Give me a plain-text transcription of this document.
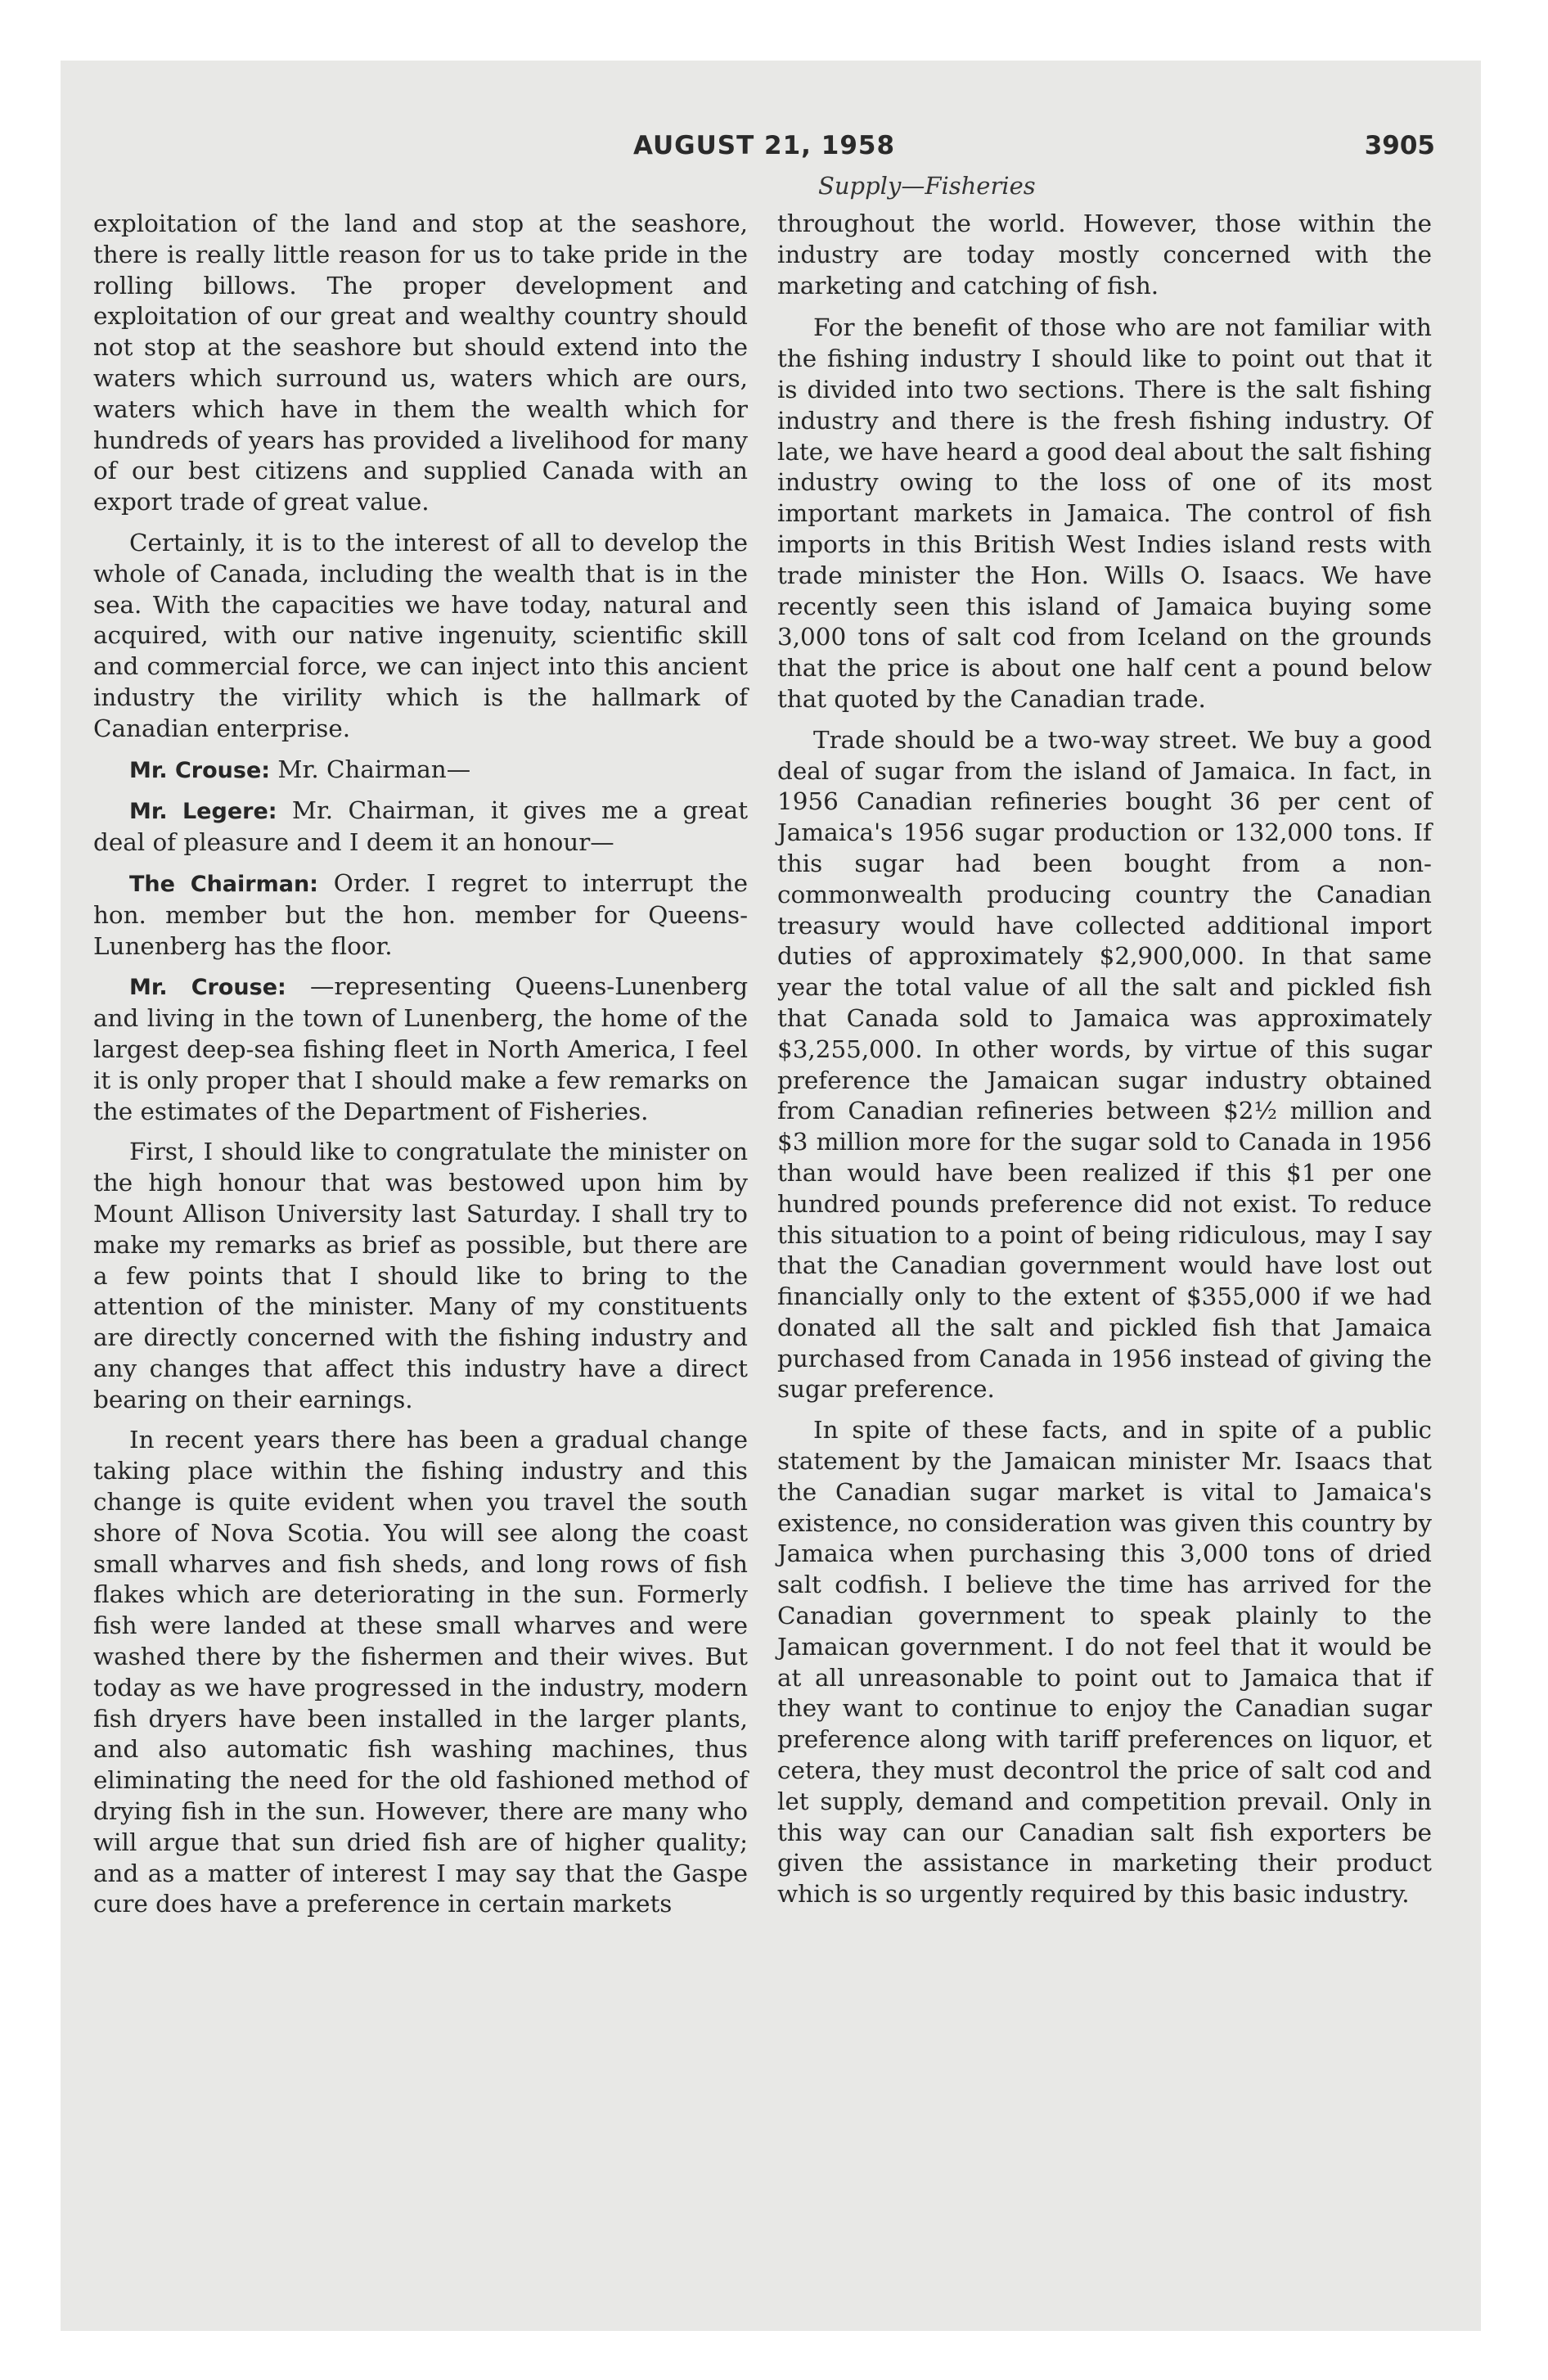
AUGUST 21, 1958	3905
Supply—Fisheries

exploitation of the land and stop at the seashore, there is really little reason for us to take pride in the rolling billows. The proper development and exploitation of our great and wealthy country should not stop at the seashore but should extend into the waters which surround us, waters which are ours, waters which have in them the wealth which for hundreds of years has provided a livelihood for many of our best citizens and supplied Canada with an export trade of great value.

Certainly, it is to the interest of all to develop the whole of Canada, including the wealth that is in the sea. With the capacities we have today, natural and acquired, with our native ingenuity, scientific skill and commercial force, we can inject into this ancient industry the virility which is the hallmark of Canadian enterprise.

Mr. Crouse: Mr. Chairman—

Mr. Legere: Mr. Chairman, it gives me a great deal of pleasure and I deem it an honour—

The Chairman: Order. I regret to interrupt the hon. member but the hon. member for Queens-Lunenberg has the floor.

Mr. Crouse: —representing Queens-Lunenberg and living in the town of Lunenberg, the home of the largest deep-sea fishing fleet in North America, I feel it is only proper that I should make a few remarks on the estimates of the Department of Fisheries.

First, I should like to congratulate the minister on the high honour that was bestowed upon him by Mount Allison University last Saturday. I shall try to make my remarks as brief as possible, but there are a few points that I should like to bring to the attention of the minister. Many of my constituents are directly concerned with the fishing industry and any changes that affect this industry have a direct bearing on their earnings.

In recent years there has been a gradual change taking place within the fishing industry and this change is quite evident when you travel the south shore of Nova Scotia. You will see along the coast small wharves and fish sheds, and long rows of fish flakes which are deteriorating in the sun. Formerly fish were landed at these small wharves and were washed there by the fishermen and their wives. But today as we have progressed in the industry, modern fish dryers have been installed in the larger plants, and also automatic fish washing machines, thus eliminating the need for the old fashioned method of drying fish in the sun. However, there are many who will argue that sun dried fish are of higher quality; and as a matter of interest I may say that the Gaspe cure does have a preference in certain markets

throughout the world. However, those within the industry are today mostly concerned with the marketing and catching of fish.

For the benefit of those who are not familiar with the fishing industry I should like to point out that it is divided into two sections. There is the salt fishing industry and there is the fresh fishing industry. Of late, we have heard a good deal about the salt fishing industry owing to the loss of one of its most important markets in Jamaica. The control of fish imports in this British West Indies island rests with trade minister the Hon. Wills O. Isaacs. We have recently seen this island of Jamaica buying some 3,000 tons of salt cod from Iceland on the grounds that the price is about one half cent a pound below that quoted by the Canadian trade.

Trade should be a two-way street. We buy a good deal of sugar from the island of Jamaica. In fact, in 1956 Canadian refineries bought 36 per cent of Jamaica's 1956 sugar production or 132,000 tons. If this sugar had been bought from a non-commonwealth producing country the Canadian treasury would have collected additional import duties of approximately $2,900,000. In that same year the total value of all the salt and pickled fish that Canada sold to Jamaica was approximately $3,255,000. In other words, by virtue of this sugar preference the Jamaican sugar industry obtained from Canadian refineries between $2½ million and $3 million more for the sugar sold to Canada in 1956 than would have been realized if this $1 per one hundred pounds preference did not exist. To reduce this situation to a point of being ridiculous, may I say that the Canadian government would have lost out financially only to the extent of $355,000 if we had donated all the salt and pickled fish that Jamaica purchased from Canada in 1956 instead of giving the sugar preference.

In spite of these facts, and in spite of a public statement by the Jamaican minister Mr. Isaacs that the Canadian sugar market is vital to Jamaica's existence, no consideration was given this country by Jamaica when purchasing this 3,000 tons of dried salt codfish. I believe the time has arrived for the Canadian government to speak plainly to the Jamaican government. I do not feel that it would be at all unreasonable to point out to Jamaica that if they want to continue to enjoy the Canadian sugar preference along with tariff preferences on liquor, et cetera, they must decontrol the price of salt cod and let supply, demand and competition prevail. Only in this way can our Canadian salt fish exporters be given the assistance in marketing their product which is so urgently required by this basic industry.
